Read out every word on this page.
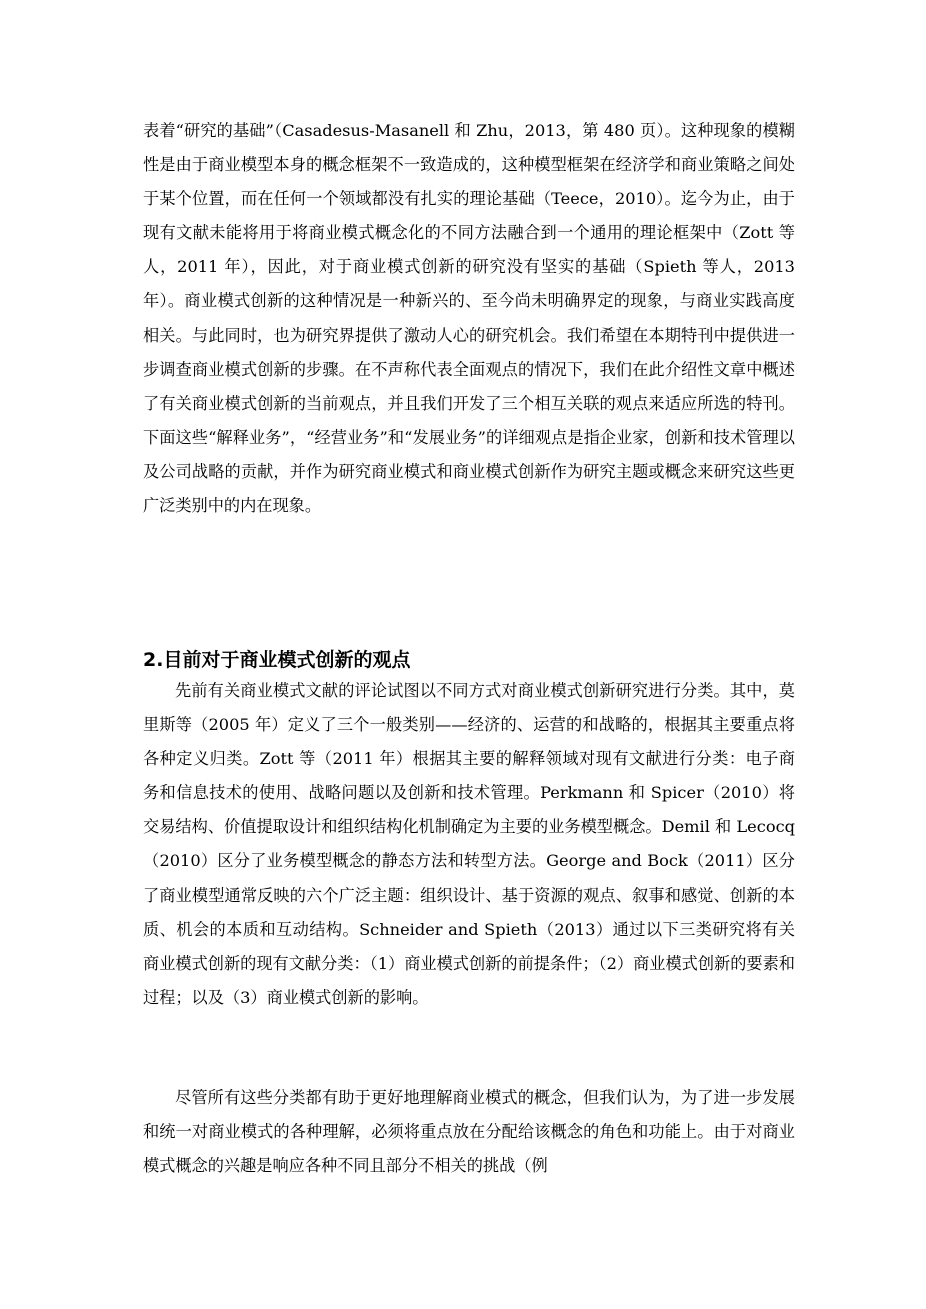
表着“研究的基础”（Casadesus-Masanell 和 Zhu，2013，第 480 页）。这种现象的模糊性是由于商业模型本身的概念框架不一致造成的，这种模型框架在经济学和商业策略之间处于某个位置，而在任何一个领域都没有扎实的理论基础（Teece，2010）。迄今为止，由于现有文献未能将用于将商业模式概念化的不同方法融合到一个通用的理论框架中（Zott 等人，2011 年），因此，对于商业模式创新的研究没有坚实的基础（Spieth 等人，2013 年）。商业模式创新的这种情况是一种新兴的、至今尚未明确界定的现象，与商业实践高度相关。与此同时，也为研究界提供了激动人心的研究机会。我们希望在本期特刊中提供进一步调查商业模式创新的步骤。在不声称代表全面观点的情况下，我们在此介绍性文章中概述了有关商业模式创新的当前观点，并且我们开发了三个相互关联的观点来适应所选的特刊。下面这些“解释业务”，“经营业务”和“发展业务”的详细观点是指企业家，创新和技术管理以及公司战略的贡献，并作为研究商业模式和商业模式创新作为研究主题或概念来研究这些更广泛类别中的内在现象。

2.目前对于商业模式创新的观点

先前有关商业模式文献的评论试图以不同方式对商业模式创新研究进行分类。其中，莫里斯等（2005 年）定义了三个一般类别——经济的、运营的和战略的，根据其主要重点将各种定义归类。Zott 等（2011 年）根据其主要的解释领域对现有文献进行分类：电子商务和信息技术的使用、战略问题以及创新和技术管理。Perkmann 和 Spicer（2010）将交易结构、价值提取设计和组织结构化机制确定为主要的业务模型概念。Demil 和 Lecocq（2010）区分了业务模型概念的静态方法和转型方法。George and Bock（2011）区分了商业模型通常反映的六个广泛主题：组织设计、基于资源的观点、叙事和感觉、创新的本质、机会的本质和互动结构。Schneider and Spieth（2013）通过以下三类研究将有关商业模式创新的现有文献分类：（1）商业模式创新的前提条件；（2）商业模式创新的要素和过程；以及（3）商业模式创新的影响。

尽管所有这些分类都有助于更好地理解商业模式的概念，但我们认为，为了进一步发展和统一对商业模式的各种理解，必须将重点放在分配给该概念的角色和功能上。由于对商业模式概念的兴趣是响应各种不同且部分不相关的挑战（例
